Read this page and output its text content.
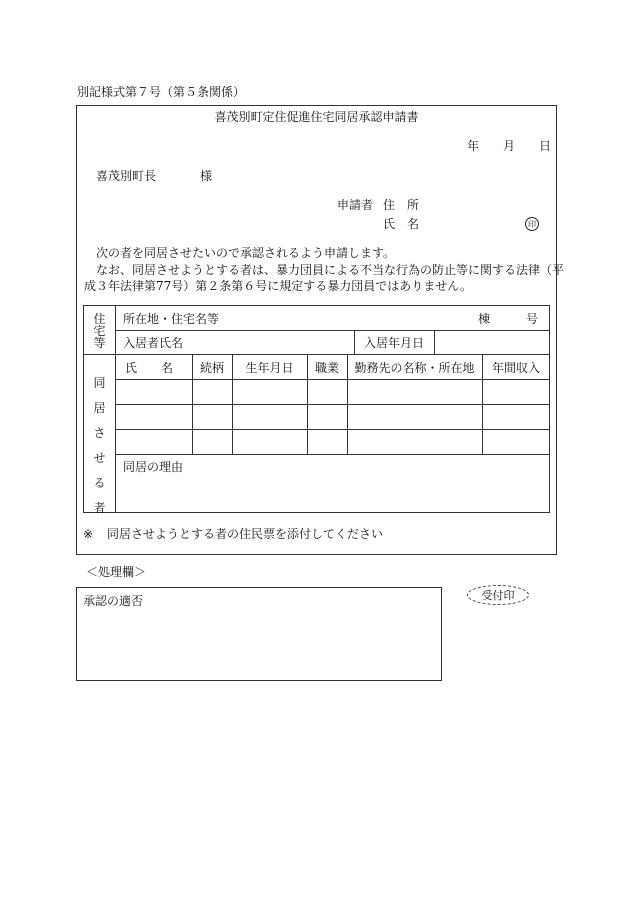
別記様式第７号（第５条関係）
喜茂別町定住促進住宅同居承認申請書
年 月 日
喜茂別町長	様
申請者 住　所
氏　名	印
次の者を同居させたいので承認されるよう申請します。
なお、同居させようとする者は、暴力団員による不当な行為の防止等に関する法律（平
成３年法律第77号）第２条第６号に規定する暴力団員ではありません。
住
宅
等
所在地・住宅名等	棟	号
入居者氏名	入居年月日
同
居
さ
せ
る
者
氏　　名	続柄	生年月日	職業	勤務先の名称・所在地	年間収入
同居の理由
※ 同居させようとする者の住民票を添付してください
＜処理欄＞
承認の適否	受付印
